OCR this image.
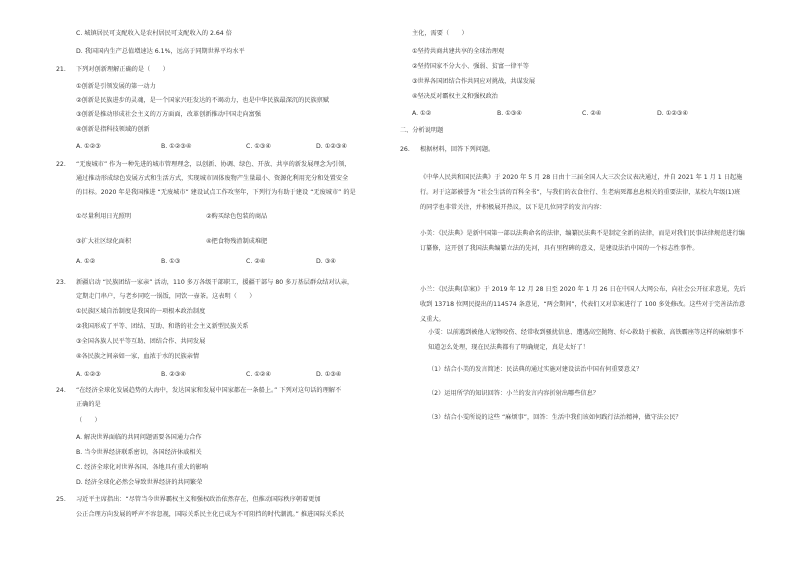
C. 城镇居民可支配收入是农村居民可支配收入的 2.64 倍
D. 我国国内生产总值增速达 6.1%，远高于同期世界平均水平
21. 下列对创新理解正确的是（　　）
①创新是引领发展的第一动力
②创新是民族进步的灵魂，是一个国家兴旺发达的不竭动力，也是中华民族最深沉的民族禀赋
③创新是推动形成社会主义的万方面面，改革创新推动中国走向富强
④创新是指科技领域的创新
A. ①②③	B. ①②③④	C. ①③④	D. ①②③④
22. “无废城市” 作为一种先进的城市管理理念，以创新、协调、绿色、开放、共享的新发展理念为引领，
通过推动形成绿色发展方式和生活方式，实现城市固体废物产生量最小、资源化利用充分和处置安全
的目标。2020 年是我国推进 “无废城市” 建设试点工作攻坚年，下列行为有助于建设 “无废城市” 的是
①尽量利用日光照明	②购买绿色包装的商品
③扩大社区绿化面积	④把食物残渣制成堆肥
A. ①②	B. ①③	C. ②④	D. ③④
23. 新疆启动 “民族团结一家亲” 活动，110 多万各级干部职工，援疆干部与 80 多万基层群众结对认亲，
定期走门串户，与老乡同吃一锅饭，同饮一壶茶。这表明（　　）
①民族区域自治制度是我国的一项根本政治制度
②我国形成了平等、团结、互助、和谐的社会主义新型民族关系
③全国各族人民平等互助、团结合作、共同发展
④各民族之间亲如一家，血浓于水的民族亲情
A. ①②③	B. ②③④	C. ①②④	D. ①③④
24. “在经济全球化发展趋势的大海中，发达国家和发展中国家都在一条船上。” 下列对这句话的理解不
正确的是
（　　）
A. 解决世界面临的共同问题需要各国通力合作
B. 当今世界经济联系密切，各国经济休戚相关
C. 经济全球化对世界各国、各地具有重大的影响
D. 经济全球化必然会导致世界经济的共同繁荣
25. 习近平主席指出：“尽管当今世界霸权主义和强权政治依然存在，但推动国际秩序朝着更加
公正合理方向发展的呼声不容忽视，国际关系民主化已成为不可阻挡的时代潮流。” 推进国际关系民
主化，需要（　　）
①坚持共商共建共享的全球治理观
②坚持国家不分大小、强弱、贫富一律平等
③世界各国团结合作共同应对挑战，共谋发展
④坚决反对霸权主义和强权政治
A. ①②	B. ①③④	C. ②④	D. ①②③④
二、分析说明题
26. 根据材料，回答下列问题。
《中华人民共和国民法典》于 2020 年 5 月 28 日由十三届全国人大三次会议表决通过，并自 2021 年 1 月 1 日起施行。对于这部被誉为 “社会生活的百科全书”，与我们的衣食住行、生老病死都息息相关的重要法律，某校九年级(1)班的同学也非常关注，并积极展开热议，以下是几位同学的发言内容：
小美：《民法典》是新中国第一部以法典命名的法律，编纂民法典不是制定全新的法律，而是对我们民事法律规范进行编订纂修，这开创了我国法典编纂立法的先河，具有里程碑的意义，是建设法治中国的一个标志性事件。
小兰：《民法典(草案)》于 2019 年 12 月 28 日至 2020 年 1 月 26 日在中国人大网公布，向社会公开征求意见，先后收到 13718 位网民提出的114574 条意见，“两会期间”，代表们又对草案进行了 100 多处修改。这些对于完善法治意义重大。
小雯：以前遇到被他人宠物咬伤、经常收到骚扰信息、遭遇高空抛物、好心救助于被救、高铁霸座等这样的麻烦事不知道怎么处理，现在民法典都有了明确规定，真是太好了！
（1）结合小美的发言简述：民法典的通过实施对建设法治中国有何重要意义？
（2）运用所学的知识回答：小兰的发言内容折射出哪些信息？
（3）结合小雯所说的这些 “麻烦事”，回答：生活中我们该如何践行法治精神，做守法公民？
